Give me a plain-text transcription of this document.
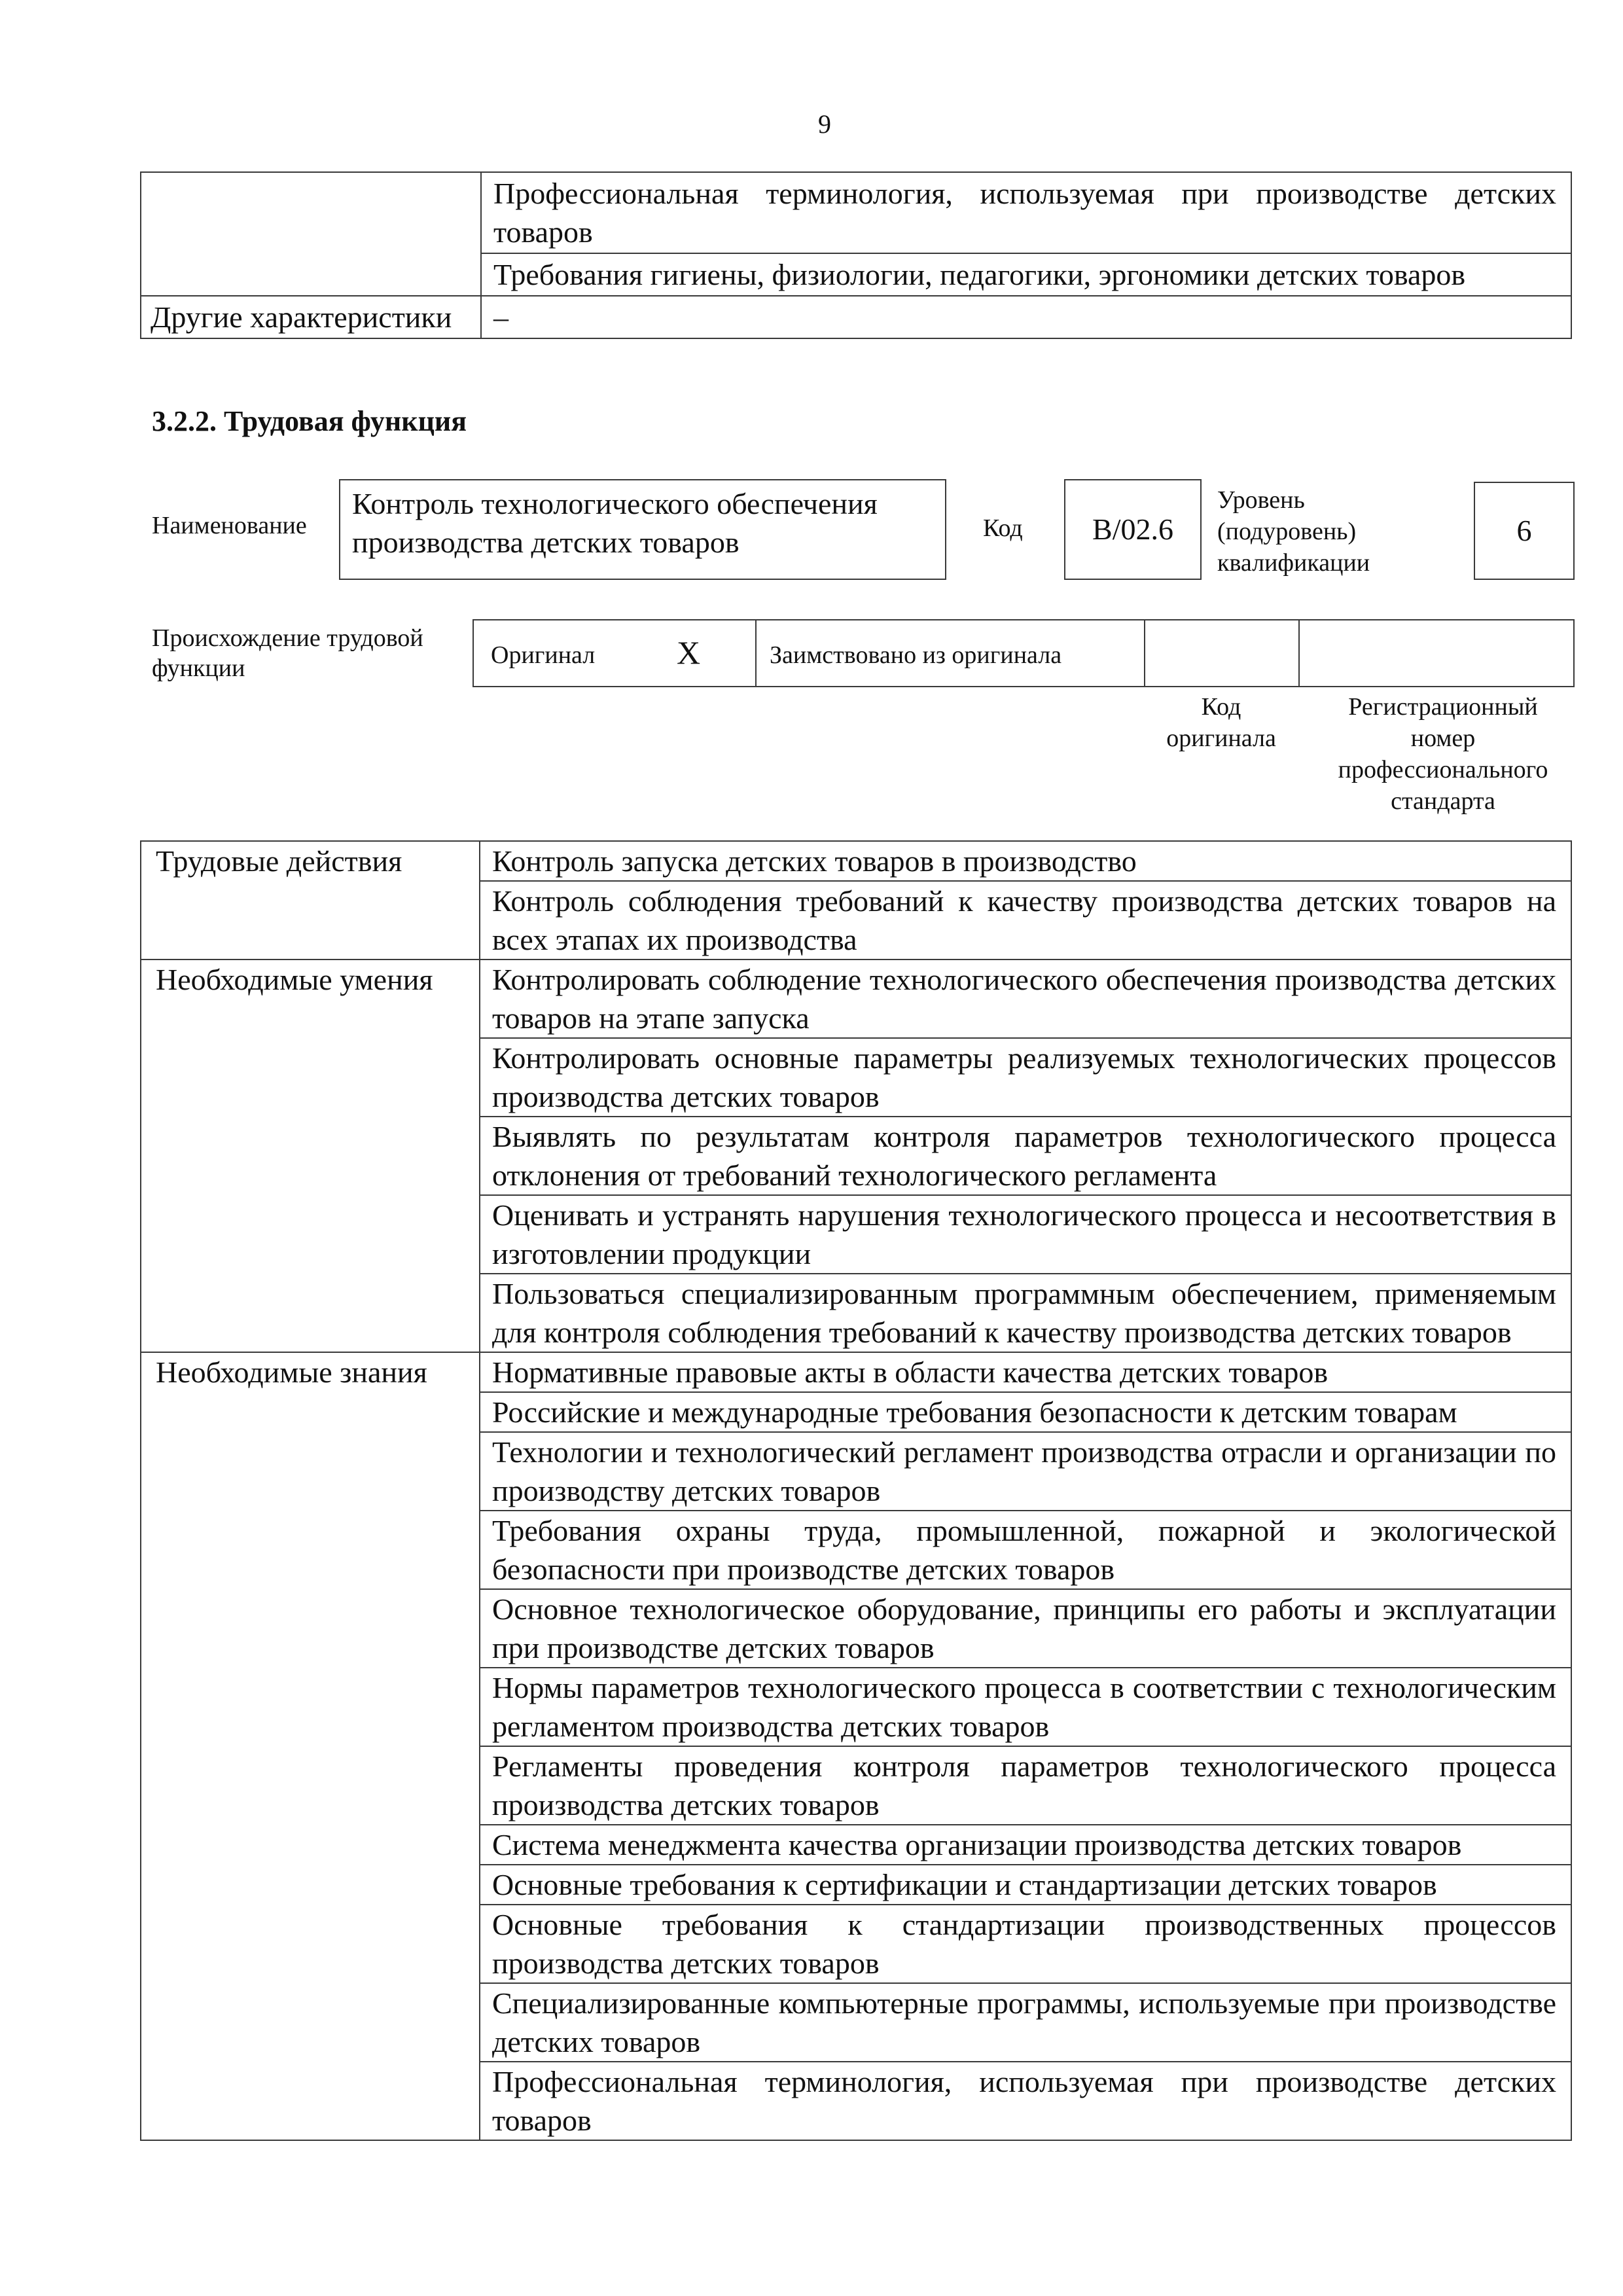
9
	Профессиональная терминология, используемая при производстве детских товаров
	Требования гигиены, физиологии, педагогики, эргономики детских товаров
Другие характеристики	–
3.2.2. Трудовая функция
Наименование
Контроль технологического обеспечения производства детских товаров	Код	B/02.6
Уровень
(подуровень)
квалификации
6
Происхождение трудовой
функции	Оригинал X	Заимствовано из оригинала
Код
оригинала
Регистрационный
номер
профессионального
стандарта
Трудовые действия	Контроль запуска детских товаров в производство
	Контроль соблюдения требований к качеству производства детских товаров на всех этапах их производства
Необходимые умения	Контролировать соблюдение технологического обеспечения производства детских товаров на этапе запуска
	Контролировать основные параметры реализуемых технологических процессов производства детских товаров
	Выявлять по результатам контроля параметров технологического процесса отклонения от требований технологического регламента
	Оценивать и устранять нарушения технологического процесса и несоответствия в изготовлении продукции
	Пользоваться специализированным программным обеспечением, применяемым для контроля соблюдения требований к качеству производства детских товаров
Необходимые знания	Нормативные правовые акты в области качества детских товаров
	Российские и международные требования безопасности к детским товарам
	Технологии и технологический регламент производства отрасли и организации по производству детских товаров
	Требования охраны труда, промышленной, пожарной и экологической безопасности при производстве детских товаров
	Основное технологическое оборудование, принципы его работы и эксплуатации при производстве детских товаров
	Нормы параметров технологического процесса в соответствии с технологическим регламентом производства детских товаров
	Регламенты проведения контроля параметров технологического процесса производства детских товаров
	Система менеджмента качества организации производства детских товаров
	Основные требования к сертификации и стандартизации детских товаров
	Основные требования к стандартизации производственных процессов производства детских товаров
	Специализированные компьютерные программы, используемые при производстве детских товаров
	Профессиональная терминология, используемая при производстве детских товаров
